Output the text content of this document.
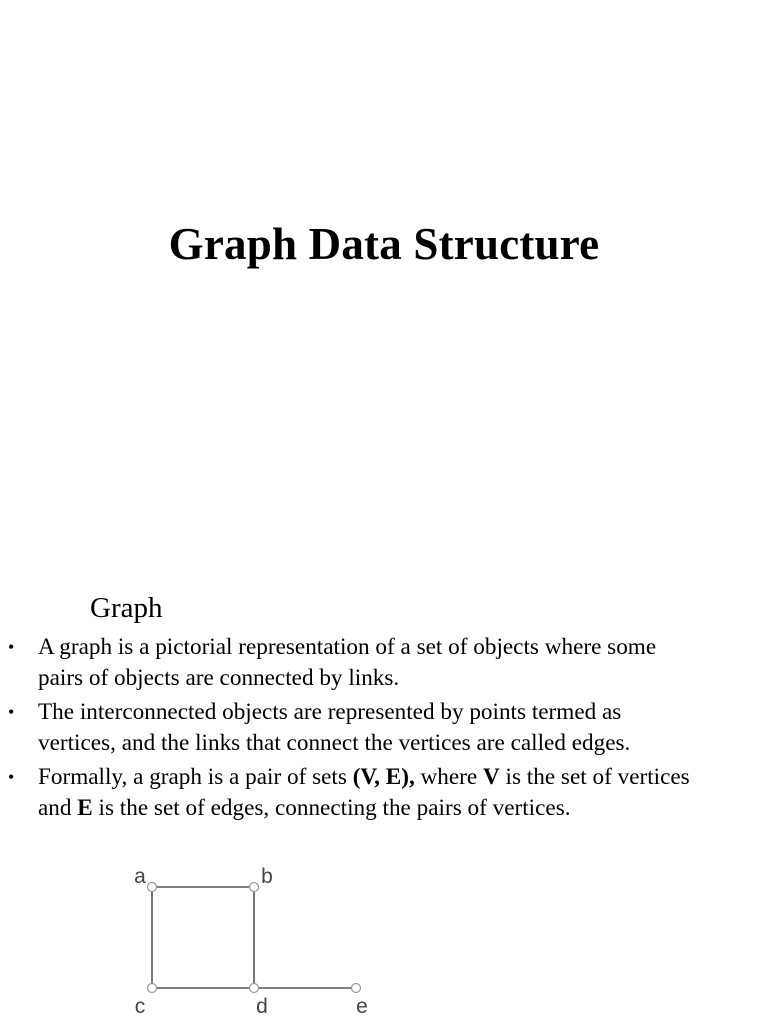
Graph Data Structure
Graph
• A graph is a pictorial representation of a set of objects where some pairs of objects are connected by links.
• The interconnected objects are represented by points termed as vertices, and the links that connect the vertices are called edges.
• Formally, a graph is a pair of sets (V, E), where V is the set of vertices and E is the set of edges, connecting the pairs of vertices.
a	b
c	d	e
